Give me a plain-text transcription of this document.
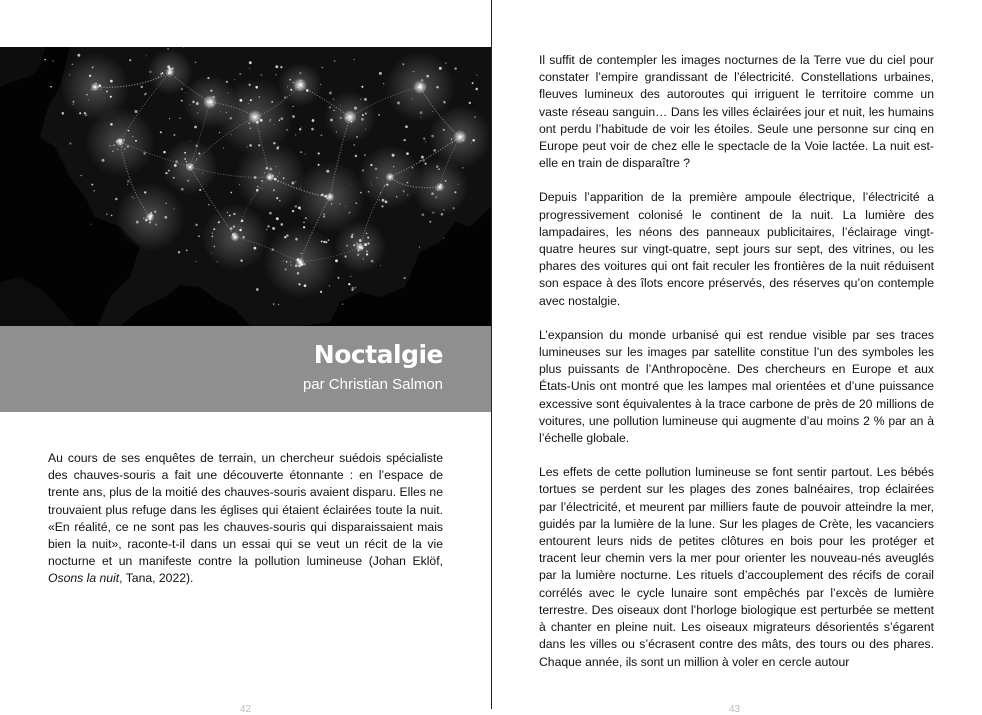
Noctalgie
par Christian Salmon

Au cours de ses enquêtes de terrain, un chercheur suédois spécialiste des chauves-souris a fait une découverte étonnante : en l’espace de trente ans, plus de la moitié des chauves-souris avaient disparu. Elles ne trouvaient plus refuge dans les églises qui étaient éclairées toute la nuit. «En réalité, ce ne sont pas les chauves-souris qui disparaissaient mais bien la nuit», raconte-t-il dans un essai qui se veut un récit de la vie nocturne et un manifeste contre la pollution lumineuse (Johan Eklöf, Osons la nuit, Tana, 2022).

42

Il suffit de contempler les images nocturnes de la Terre vue du ciel pour constater l’empire grandissant de l’électricité. Constellations urbaines, fleuves lumineux des autoroutes qui irriguent le territoire comme un vaste réseau sanguin… Dans les villes éclairées jour et nuit, les humains ont perdu l’habitude de voir les étoiles. Seule une personne sur cinq en Europe peut voir de chez elle le spectacle de la Voie lactée. La nuit est-elle en train de disparaître ?

Depuis l’apparition de la première ampoule électrique, l’électricité a progressivement colonisé le continent de la nuit. La lumière des lampadaires, les néons des panneaux publicitaires, l’éclairage vingt-quatre heures sur vingt-quatre, sept jours sur sept, des vitrines, ou les phares des voitures qui ont fait reculer les frontières de la nuit réduisent son espace à des îlots encore préservés, des réserves qu’on contemple avec nostalgie.

L’expansion du monde urbanisé qui est rendue visible par ses traces lumineuses sur les images par satellite constitue l’un des symboles les plus puissants de l’Anthropocène. Des chercheurs en Europe et aux États-Unis ont montré que les lampes mal orientées et d’une puissance excessive sont équivalentes à la trace carbone de près de 20 millions de voitures, une pollution lumineuse qui augmente d’au moins 2 % par an à l’échelle globale.

Les effets de cette pollution lumineuse se font sentir partout. Les bébés tortues se perdent sur les plages des zones balnéaires, trop éclairées par l’électricité, et meurent par milliers faute de pouvoir atteindre la mer, guidés par la lumière de la lune. Sur les plages de Crète, les vacanciers entourent leurs nids de petites clôtures en bois pour les protéger et tracent leur chemin vers la mer pour orienter les nouveau-nés aveuglés par la lumière nocturne. Les rituels d’accouplement des récifs de corail corrélés avec le cycle lunaire sont empêchés par l’excès de lumière terrestre. Des oiseaux dont l’horloge biologique est perturbée se mettent à chanter en pleine nuit. Les oiseaux migrateurs désorientés s’égarent dans les villes ou s’écrasent contre des mâts, des tours ou des phares. Chaque année, ils sont un million à voler en cercle autour

43
